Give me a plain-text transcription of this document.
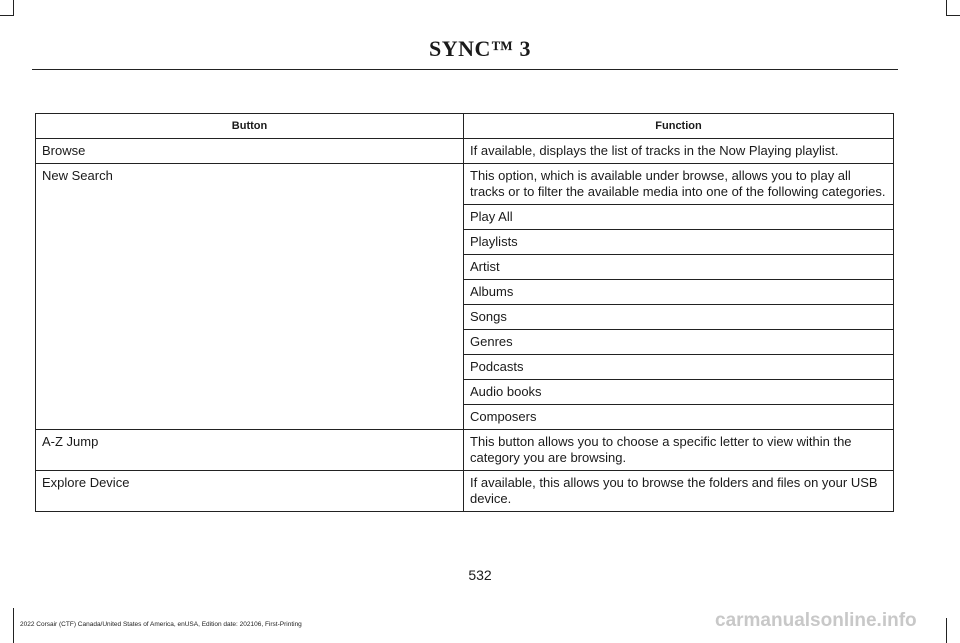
SYNC™ 3
Button	Function
Browse	If available, displays the list of tracks in the Now Playing playlist.
New Search	This option, which is available under browse, allows you to play all tracks or to filter the available media into one of the following categories.
	Play All
	Playlists
	Artist
	Albums
	Songs
	Genres
	Podcasts
	Audio books
	Composers
A-Z Jump	This button allows you to choose a specific letter to view within the category you are browsing.
Explore Device	If available, this allows you to browse the folders and files on your USB device.
532
2022 Corsair (CTF) Canada/United States of America, enUSA, Edition date: 202106, First-Printing	carmanualsonline.info
